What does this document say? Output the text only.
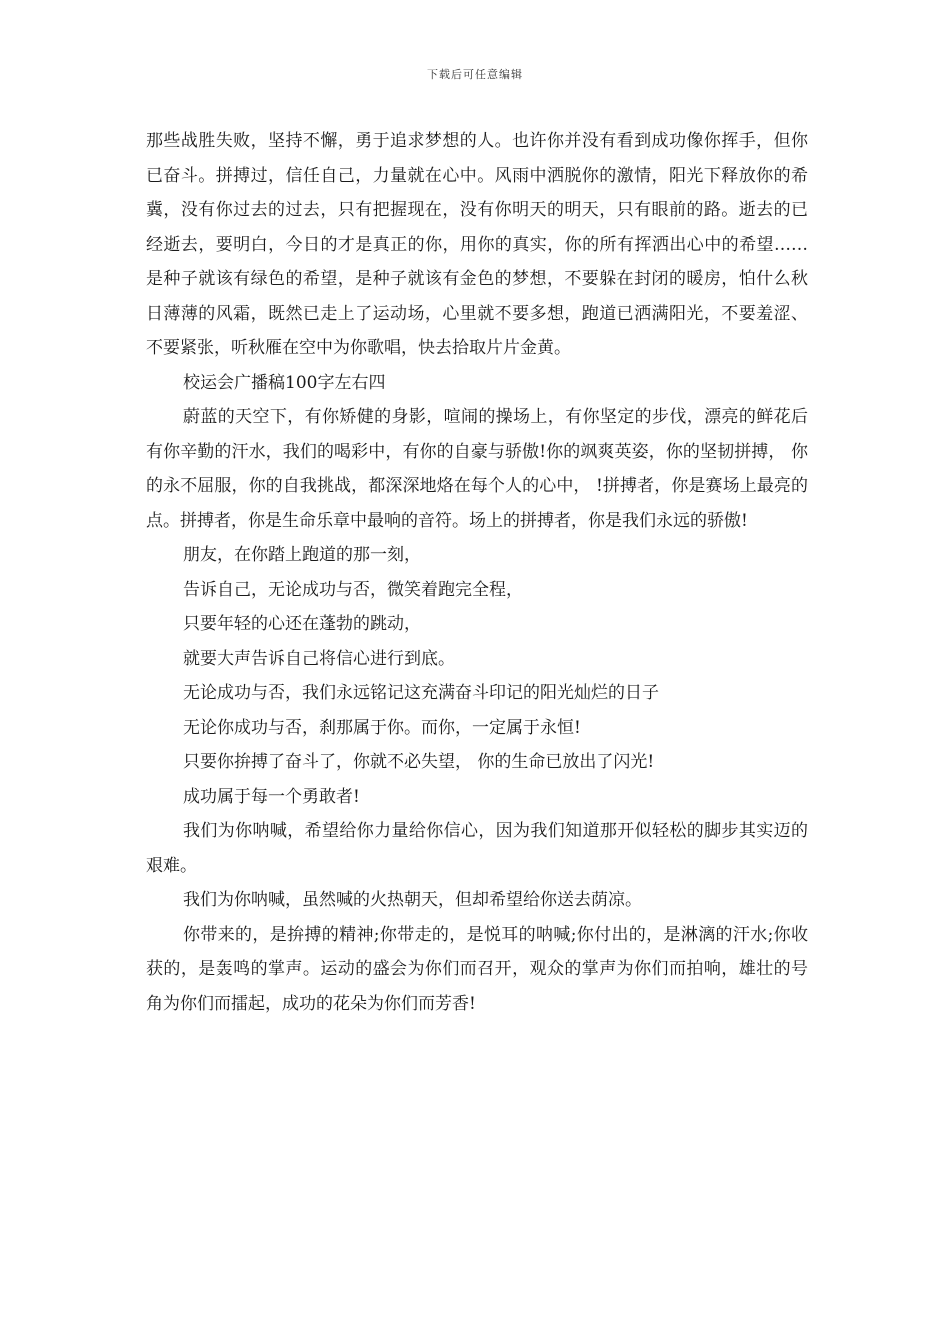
下载后可任意编辑

那些战胜失败，坚持不懈，勇于追求梦想的人。也许你并没有看到成功像你挥手，但你已奋斗。拼搏过，信任自己，力量就在心中。风雨中洒脱你的激情，阳光下释放你的希冀，没有你过去的过去，只有把握现在，没有你明天的明天，只有眼前的路。逝去的已经逝去，要明白，今日的才是真正的你，用你的真实，你的所有挥洒出心中的希望……是种子就该有绿色的希望，是种子就该有金色的梦想，不要躲在封闭的暖房，怕什么秋日薄薄的风霜，既然已走上了运动场，心里就不要多想，跑道已洒满阳光，不要羞涩、不要紧张，听秋雁在空中为你歌唱，快去拾取片片金黄。

校运会广播稿100字左右四

蔚蓝的天空下，有你矫健的身影，喧闹的操场上，有你坚定的步伐，漂亮的鲜花后有你辛勤的汗水，我们的喝彩中，有你的自豪与骄傲!你的飒爽英姿，你的坚韧拼搏， 你的永不屈服，你的自我挑战，都深深地烙在每个人的心中， !拼搏者，你是赛场上最亮的点。拼搏者，你是生命乐章中最响的音符。场上的拼搏者，你是我们永远的骄傲!

朋友，在你踏上跑道的那一刻，

告诉自己，无论成功与否，微笑着跑完全程，

只要年轻的心还在蓬勃的跳动，

就要大声告诉自己将信心进行到底。

无论成功与否，我们永远铭记这充满奋斗印记的阳光灿烂的日子

无论你成功与否，刹那属于你。而你，一定属于永恒!

只要你拚搏了奋斗了，你就不必失望， 你的生命已放出了闪光!

成功属于每一个勇敢者!

我们为你呐喊，希望给你力量给你信心，因为我们知道那开似轻松的脚步其实迈的艰难。

我们为你呐喊，虽然喊的火热朝天，但却希望给你送去荫凉。

你带来的，是拚搏的精神;你带走的，是悦耳的呐喊;你付出的，是淋漓的汗水;你收获的，是轰鸣的掌声。运动的盛会为你们而召开，观众的掌声为你们而拍响，雄壮的号角为你们而擂起，成功的花朵为你们而芳香!
